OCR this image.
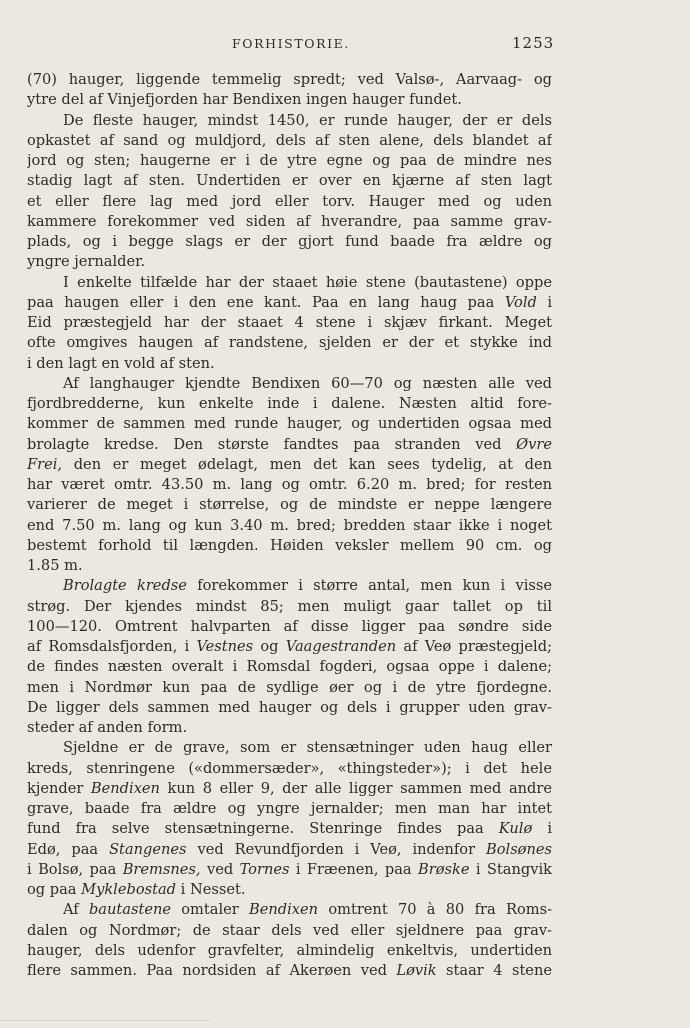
FORHISTORIE.	1253
(70) hauger, liggende temmelig spredt; ved Valsø-, Aarvaag- og
ytre del af Vinjefjorden har Bendixen ingen hauger fundet.
De fleste hauger, mindst 1450, er runde hauger, der er dels
opkastet af sand og muldjord, dels af sten alene, dels blandet af
jord og sten; haugerne er i de ytre egne og paa de mindre nes
stadig lagt af sten. Undertiden er over en kjærne af sten lagt
et eller flere lag med jord eller torv. Hauger med og uden
kammere forekommer ved siden af hverandre, paa samme grav-
plads, og i begge slags er der gjort fund baade fra ældre og
yngre jernalder.
I enkelte tilfælde har der staaet høie stene (bautastene) oppe
paa haugen eller i den ene kant. Paa en lang haug paa Vold i
Eid præstegjeld har der staaet 4 stene i skjæv firkant. Meget
ofte omgives haugen af randstene, sjelden er der et stykke ind
i den lagt en vold af sten.
Af langhauger kjendte Bendixen 60—70 og næsten alle ved
fjordbredderne, kun enkelte inde i dalene. Næsten altid fore-
kommer de sammen med runde hauger, og undertiden ogsaa med
brolagte kredse. Den største fandtes paa stranden ved Øvre
Frei, den er meget ødelagt, men det kan sees tydelig, at den
har været omtr. 43.50 m. lang og omtr. 6.20 m. bred; for resten
varierer de meget i størrelse, og de mindste er neppe længere
end 7.50 m. lang og kun 3.40 m. bred; bredden staar ikke i noget
bestemt forhold til længden. Høiden veksler mellem 90 cm. og
1.85 m.
Brolagte kredse forekommer i større antal, men kun i visse
strøg. Der kjendes mindst 85; men muligt gaar tallet op til
100—120. Omtrent halvparten af disse ligger paa søndre side
af Romsdalsfjorden, i Vestnes og Vaagestranden af Veø præstegjeld;
de findes næsten overalt i Romsdal fogderi, ogsaa oppe i dalene;
men i Nordmør kun paa de sydlige øer og i de ytre fjordegne.
De ligger dels sammen med hauger og dels i grupper uden grav-
steder af anden form.
Sjeldne er de grave, som er stensætninger uden haug eller
kreds, stenringene («dommersæder», «thingsteder»); i det hele
kjender Bendixen kun 8 eller 9, der alle ligger sammen med andre
grave, baade fra ældre og yngre jernalder; men man har intet
fund fra selve stensætningerne. Stenringe findes paa Kulø i
Edø, paa Stangenes ved Revundfjorden i Veø, indenfor Bolsønes
i Bolsø, paa Bremsnes, ved Tornes i Fræenen, paa Brøske i Stangvik
og paa Myklebostad i Nesset.
Af bautastene omtaler Bendixen omtrent 70 à 80 fra Roms-
dalen og Nordmør; de staar dels ved eller sjeldnere paa grav-
hauger, dels udenfor gravfelter, almindelig enkeltvis, undertiden
flere sammen. Paa nordsiden af Akerøen ved Løvik staar 4 stene
